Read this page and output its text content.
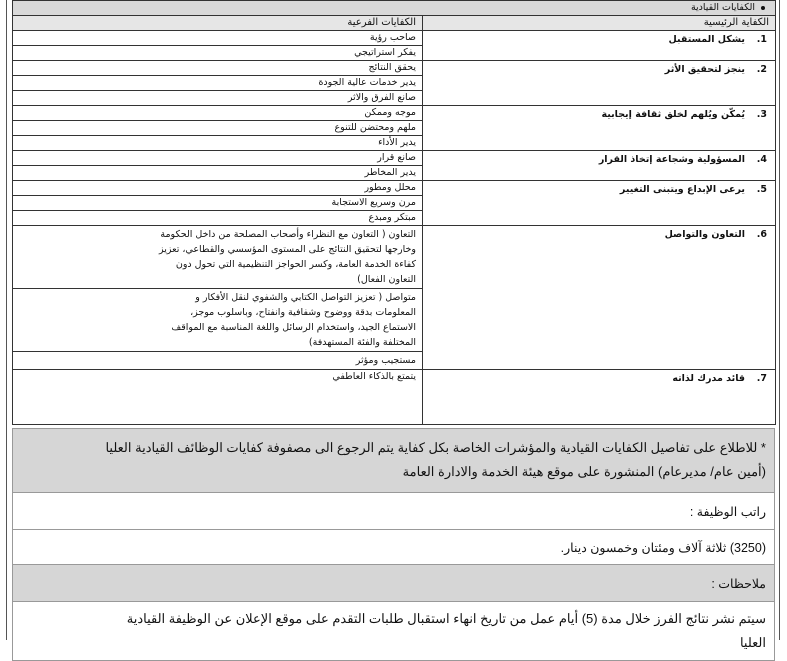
الكفايات القيادية	
الكفاية الرئيسية	الكفايات الفرعية
1.يشكل المستقبل	صاحب رؤية
	يفكر استراتيجي
2.ينجز لتحقيق الأثر	يحقق النتائج
	يدير خدمات عالية الجودة
	صانع الفرق والاثر
3.يُمكّن ويُلهم لخلق ثقافة إيجابية	موجه وممكن
	ملهم ومحتضن للتنوع
	يدير الأداء
4.المسؤولية وشجاعة إتخاذ القرار	صانع قرار
	يدير المخاطر
5.يرعى الإبداع ويتبنى التغيير	محلل ومطور
	مرن وسريع الاستجابة
	مبتكر ومبدع
6.التعاون والتواصل	التعاون ( التعاون مع النظراء وأصحاب المصلحة من داخل الحكومة
وخارجها لتحقيق النتائج على المستوى المؤسسي والقطاعي، تعزيز
كفاءة الخدمة العامة، وكسر الحواجز التنظيمية التي تحول دون
التعاون الفعال)

	متواصل ( تعزيز التواصل الكتابي والشفوي لنقل الأفكار و
المعلومات بدقة ووضوح وشفافية وانفتاح، وباسلوب موجز،
الاستماع الجيد، واستخدام الرسائل واللغة المناسبة مع المواقف
المختلفة والفئة المستهدفة)

	مستجيب ومؤثر

7.قائد مدرك لذاته	يتمتع بالذكاء العاطفي
* للاطلاع على تفاصيل الكفايات القيادية والمؤشرات الخاصة بكل كفاية يتم الرجوع الى مصفوفة كفايات الوظائف القيادية العليا
(أمين عام/ مديرعام) المنشورة على موقع هيئة الخدمة والادارة العامة

راتب الوظيفة :
(3250) ثلاثة آلاف ومئتان وخمسون دينار.
ملاحظات :

سيتم نشر نتائج الفرز خلال مدة (5) أيام عمل من تاريخ انهاء استقبال طلبات التقدم على موقع الإعلان عن الوظيفة القيادية
العليا
